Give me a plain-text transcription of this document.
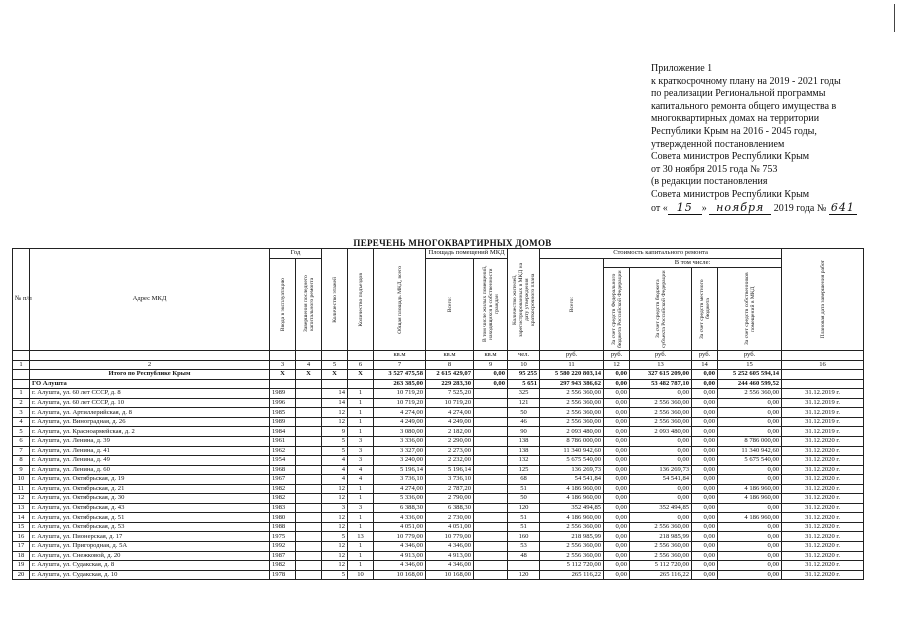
Приложение 1
к краткосрочному плану на 2019 - 2021 годы
по реализации Региональной программы
капитального ремонта общего имущества в
многоквартирных домах на территории
Республики Крым на 2016 - 2045 годы,
утвержденной постановлением
Совета министров Республики Крым
от 30 ноября 2015 года № 753
(в редакции постановления
Совета министров Республики Крым
от « 15 » ноября 2019 года № 641
ПЕРЕЧЕНЬ МНОГОКВАРТИРНЫХ ДОМОВ
№ п/п	Адрес МКД	Год		Количество этажей	Количество подъездов	Общая площадь МКД, всего	Площадь помещений МКД		Количество жителей, зарегистрированных в МКД на дату утверждения краткосрочного плана	Стоимость капитального ремонта					Плановая дата завершения работ

		Ввода в эксплуатацию	Завершения последнего капитального ремонта				Всего:	В том числе жилых помещений, находящихся в собственности граждан		Всего:	В том числе:				

											За счет средств Федерального бюджета Российской Федерации	За счет средств бюджета субъекта Российской Федерации	За счет средств местного бюджета	За счет средств собственников помещений в МКД	

						кв.м	кв.м	кв.м	чел.	руб.	руб.	руб.	руб.	руб.	
1	2	3	4	5	6	7	8	9	10	11	12	13	14	15	16
	Итого по Республике Крым	X	X	X	X	3 527 475,58	2 615 429,07	0,00	95 255	5 580 220 803,14	0,00	327 615 209,00	0,00	5 252 605 594,14	
	ГО Алушта					263 385,00	229 283,30	0,00	5 651	297 943 386,62	0,00	53 482 787,10	0,00	244 460 599,52	
1	г. Алушта, ул. 60 лет СССР, д. 8	1989		14	1	10 719,20	7 525,20		325	2 556 360,00	0,00	0,00	0,00	2 556 360,00	31.12.2019 г.
2	г. Алушта, ул. 60 лет СССР, д. 10	1996		14	1	10 719,20	10 719,20		121	2 556 360,00	0,00	2 556 360,00	0,00	0,00	31.12.2019 г.
3	г. Алушта, ул. Артиллерийская, д. 8	1985		12	1	4 274,00	4 274,00		50	2 556 360,00	0,00	2 556 360,00	0,00	0,00	31.12.2019 г.
4	г. Алушта, ул. Виноградная, д. 26	1989		12	1	4 249,00	4 249,00		46	2 556 360,00	0,00	2 556 360,00	0,00	0,00	31.12.2019 г.
5	г. Алушта, ул. Красноармейская, д. 2	1984		9	1	3 080,00	2 182,00		90	2 093 480,00	0,00	2 093 480,00	0,00	0,00	31.12.2019 г.
6	г. Алушта, ул. Ленина, д. 39	1961		5	3	3 336,00	2 290,00		138	8 786 000,00	0,00	0,00	0,00	8 786 000,00	31.12.2020 г.
7	г. Алушта, ул. Ленина, д. 41	1962		5	3	3 327,00	2 273,00		138	11 340 942,60	0,00	0,00	0,00	11 340 942,60	31.12.2020 г.
8	г. Алушта, ул. Ленина, д. 49	1954		4	3	3 240,00	2 232,00		132	5 675 540,00	0,00	0,00	0,00	5 675 540,00	31.12.2020 г.
9	г. Алушта, ул. Ленина, д. 60	1968		4	4	5 196,14	5 196,14		125	136 269,73	0,00	136 269,73	0,00	0,00	31.12.2020 г.
10	г. Алушта, ул. Октябрьская, д. 19	1967		4	4	3 736,10	3 736,10		68	54 541,84	0,00	54 541,84	0,00	0,00	31.12.2020 г.
11	г. Алушта, ул. Октябрьская, д. 21	1982		12	1	4 274,00	2 787,20		51	4 186 960,00	0,00	0,00	0,00	4 186 960,00	31.12.2020 г.
12	г. Алушта, ул. Октябрьская, д. 30	1982		12	1	5 336,00	2 790,00		50	4 186 960,00	0,00	0,00	0,00	4 186 960,00	31.12.2020 г.
13	г. Алушта, ул. Октябрьская, д. 43	1983		3	3	6 388,30	6 388,30		120	352 494,85	0,00	352 494,85	0,00	0,00	31.12.2020 г.
14	г. Алушта, ул. Октябрьская, д. 51	1980		12	1	4 336,00	2 730,00		51	4 186 960,00	0,00	0,00	0,00	4 186 960,00	31.12.2020 г.
15	г. Алушта, ул. Октябрьская, д. 53	1988		12	1	4 051,00	4 051,00		51	2 556 360,00	0,00	2 556 360,00	0,00	0,00	31.12.2020 г.
16	г. Алушта, ул. Пионерская, д. 17	1975		5	13	10 779,00	10 779,00		160	218 985,99	0,00	218 985,99	0,00	0,00	31.12.2020 г.
17	г. Алушта, ул. Пригородная, д. 5А	1992		12	1	4 346,00	4 346,00		53	2 556 360,00	0,00	2 556 360,00	0,00	0,00	31.12.2020 г.
18	г. Алушта, ул. Снежковой, д. 20	1987		12	1	4 913,00	4 913,00		48	2 556 360,00	0,00	2 556 360,00	0,00	0,00	31.12.2020 г.
19	г. Алушта, ул. Судакская, д. 8	1982		12	1	4 346,00	4 346,00			5 112 720,00	0,00	5 112 720,00	0,00	0,00	31.12.2020 г.
20	г. Алушта, ул. Судакская, д. 10	1978		5	10	10 168,00	10 168,00		120	265 116,22	0,00	265 116,22	0,00	0,00	31.12.2020 г.
